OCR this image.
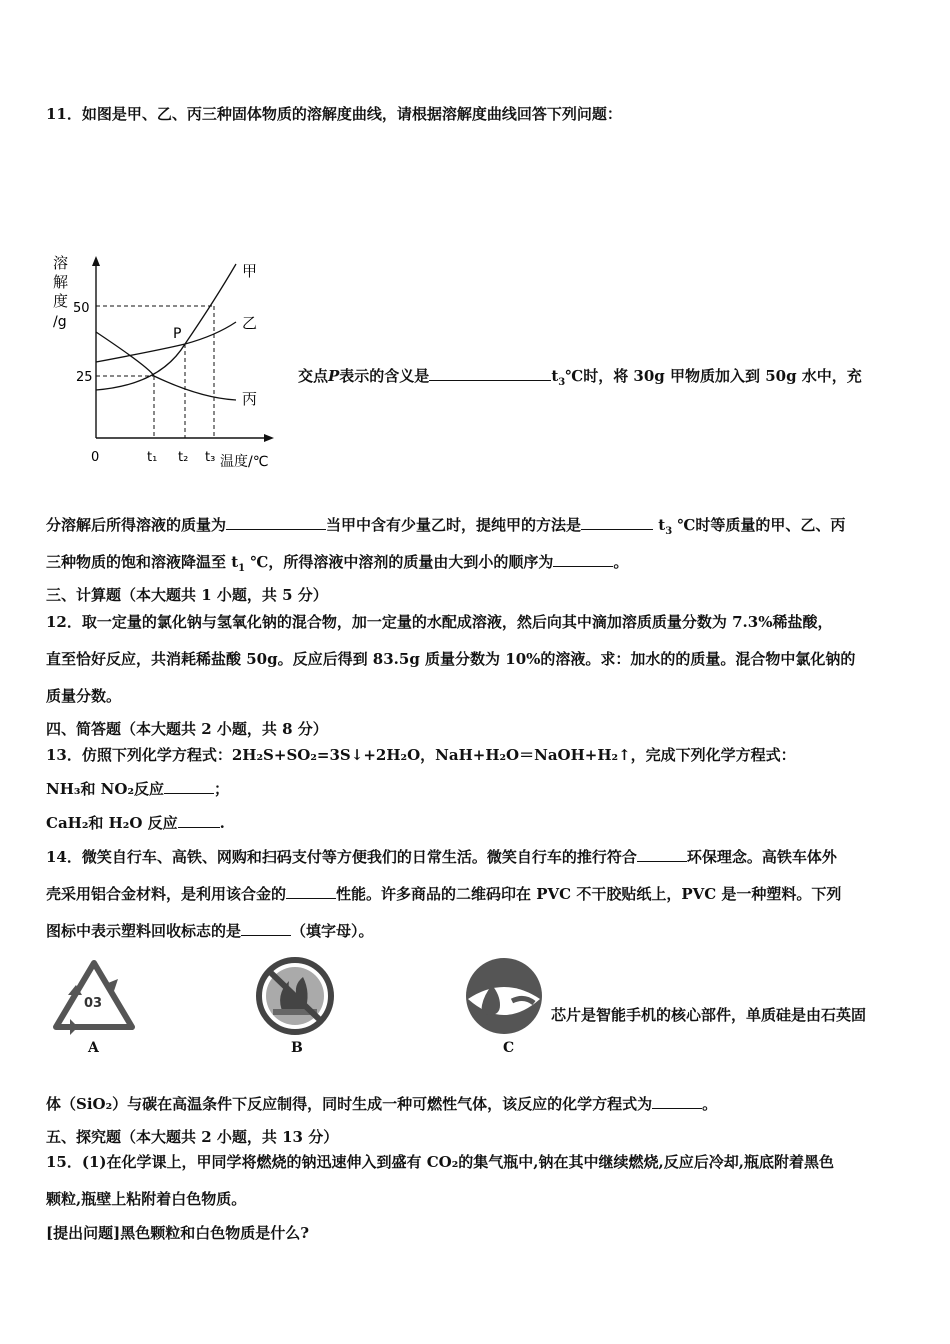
11．如图是甲、乙、丙三种固体物质的溶解度曲线，请根据溶解度曲线回答下列问题：
溶
解
度
/g
50
25
0	t₁ t₂ t₃ 温度/℃
甲
乙
丙
P
交点P表示的含义是	$t_3℃$时，将 30g 甲物质加入到 50g 水中，充
分溶解后所得溶液的质量为	当甲中含有少量乙时，提纯甲的方法是	$t_3$ ℃时等质量的甲、乙、丙
三种物质的饱和溶液降温至 $t_1$ ℃，所得溶液中溶剂的质量由大到小的顺序为	。
三、计算题（本大题共 1 小题，共 5 分）
12．取一定量的氯化钠与氢氧化钠的混合物，加一定量的水配成溶液，然后向其中滴加溶质质量分数为 7.3%稀盐酸，
直至恰好反应，共消耗稀盐酸 50g。反应后得到 83.5g 质量分数为 10%的溶液。求：加水的的质量。混合物中氯化钠的
质量分数。
四、简答题（本大题共 2 小题，共 8 分）
13．仿照下列化学方程式：2H₂S+SO₂=3S↓+2H₂O，NaH+H₂O＝NaOH+H₂↑，完成下列化学方程式：
NH₃和 NO₂反应	；
CaH₂和 H₂O 反应	.
14．微笑自行车、高铁、网购和扫码支付等方便我们的日常生活。微笑自行车的推行符合	环保理念。高铁车体外
壳采用铝合金材料，是利用该合金的	性能。许多商品的二维码印在 PVC 不干胶贴纸上，PVC 是一种塑料。下列
图标中表示塑料回收标志的是	（填字母）。
03
A	B	C
芯片是智能手机的核心部件，单质硅是由石英固
体（SiO₂）与碳在高温条件下反应制得，同时生成一种可燃性气体，该反应的化学方程式为	。
五、探究题（本大题共 2 小题，共 13 分）
15．(1)在化学课上，甲同学将燃烧的钠迅速伸入到盛有 CO₂的集气瓶中,钠在其中继续燃烧,反应后冷却,瓶底附着黑色
颗粒,瓶壁上粘附着白色物质。
[提出问题]黑色颗粒和白色物质是什么?
